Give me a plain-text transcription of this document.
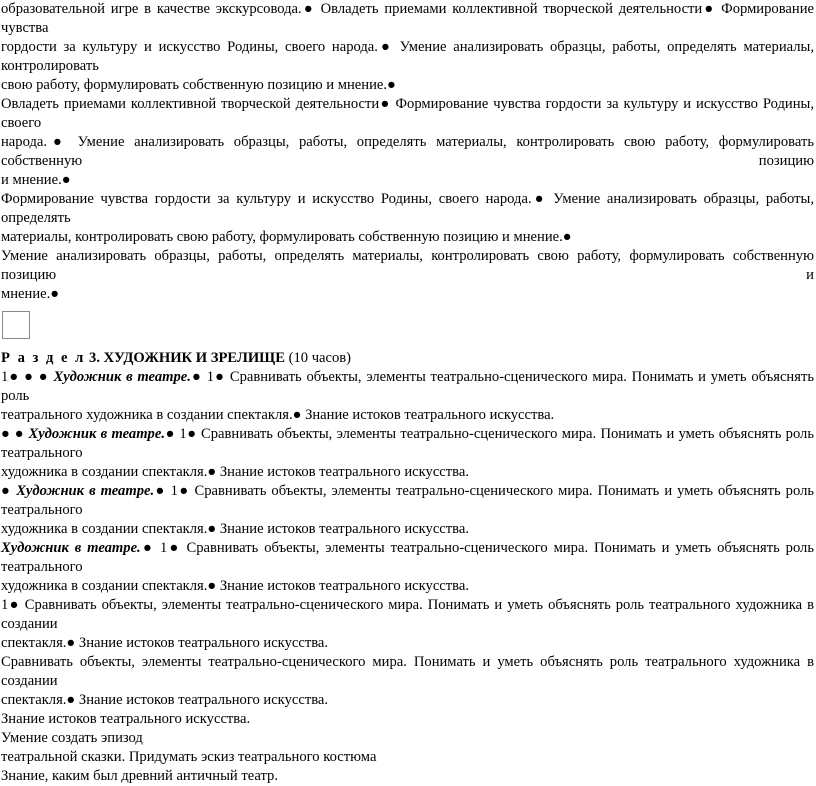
образовательной игре в качестве экскурсовода.● Овладеть приемами коллективной творческой деятельности● Формирование чувства
гордости за культуру и искусство Родины, своего народа.● Умение анализировать образцы, работы, определять материалы, контролировать
свою работу, формулировать собственную позицию и мнение.●
Овладеть приемами коллективной творческой деятельности● Формирование чувства гордости за культуру и искусство Родины, своего
народа.● Умение анализировать образцы, работы, определять материалы, контролировать свою работу, формулировать собственную позицию
и мнение.●
Формирование чувства гордости за культуру и искусство Родины, своего народа.● Умение анализировать образцы, работы, определять
материалы, контролировать свою работу, формулировать собственную позицию и мнение.●
Умение анализировать образцы, работы, определять материалы, контролировать свою работу, формулировать собственную позицию и
мнение.●
Р а з д е л 3. ХУДОЖНИК И ЗРЕЛИЩЕ (10 часов)
1● ● ● Художник в театре.● 1● Сравнивать объекты, элементы театрально-сценического мира. Понимать и уметь объяснять роль
театрального художника в создании спектакля.● Знание истоков театрального искусства.
● ● Художник в театре.● 1● Сравнивать объекты, элементы театрально-сценического мира. Понимать и уметь объяснять роль театрального
художника в создании спектакля.● Знание истоков театрального искусства.
● Художник в театре.● 1● Сравнивать объекты, элементы театрально-сценического мира. Понимать и уметь объяснять роль театрального
художника в создании спектакля.● Знание истоков театрального искусства.
Художник в театре.● 1● Сравнивать объекты, элементы театрально-сценического мира. Понимать и уметь объяснять роль театрального
художника в создании спектакля.● Знание истоков театрального искусства.
1● Сравнивать объекты, элементы театрально-сценического мира. Понимать и уметь объяснять роль театрального художника в создании
спектакля.● Знание истоков театрального искусства.
Сравнивать объекты, элементы театрально-сценического мира. Понимать и уметь объяснять роль театрального художника в создании
спектакля.● Знание истоков театрального искусства.
Знание истоков театрального искусства.
Умение создать эпизод
театральной сказки. Придумать эскиз театрального костюма
Знание, каким был древний античный театр.
